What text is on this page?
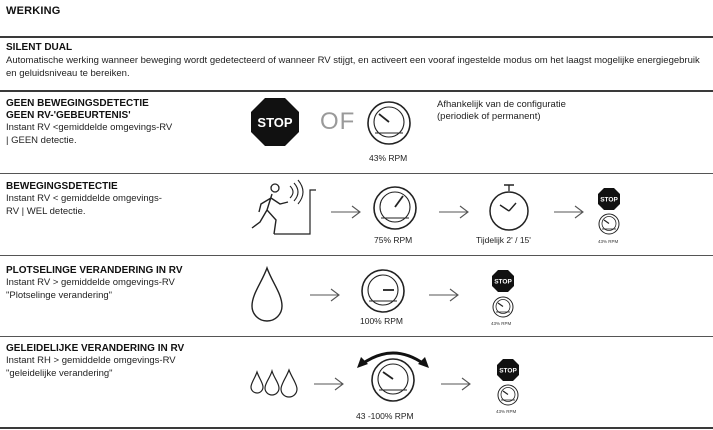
WERKING
SILENT DUAL
Automatische werking wanneer beweging wordt gedetecteerd of wanneer RV stijgt, en activeert een vooraf ingestelde modus om het laagst mogelijke energiegebruik en geluidsniveau te bereiken.
GEEN BEWEGINGSDETECTIE
GEEN RV-'GEBEURTENIS'
Instant RV <gemiddelde omgevings-RV | GEEN detectie.
STOP OF
43% RPM
Afhankelijk van de configuratie (periodiek of permanent)
BEWEGINGSDETECTIE
Instant RV < gemiddelde omgevings-RV | WEL detectie.
75% RPM	Tijdelijk 2' / 15'
STOP
43% RPM
PLOTSELINGE VERANDERING IN RV
Instant RV > gemiddelde omgevings-RV "Plotselinge verandering"
100% RPM
STOP
43% RPM
GELEIDELIJKE VERANDERING IN RV
Instant RH > gemiddelde omgevings-RV "geleidelijke verandering"
43 -100% RPM
STOP
43% RPM
